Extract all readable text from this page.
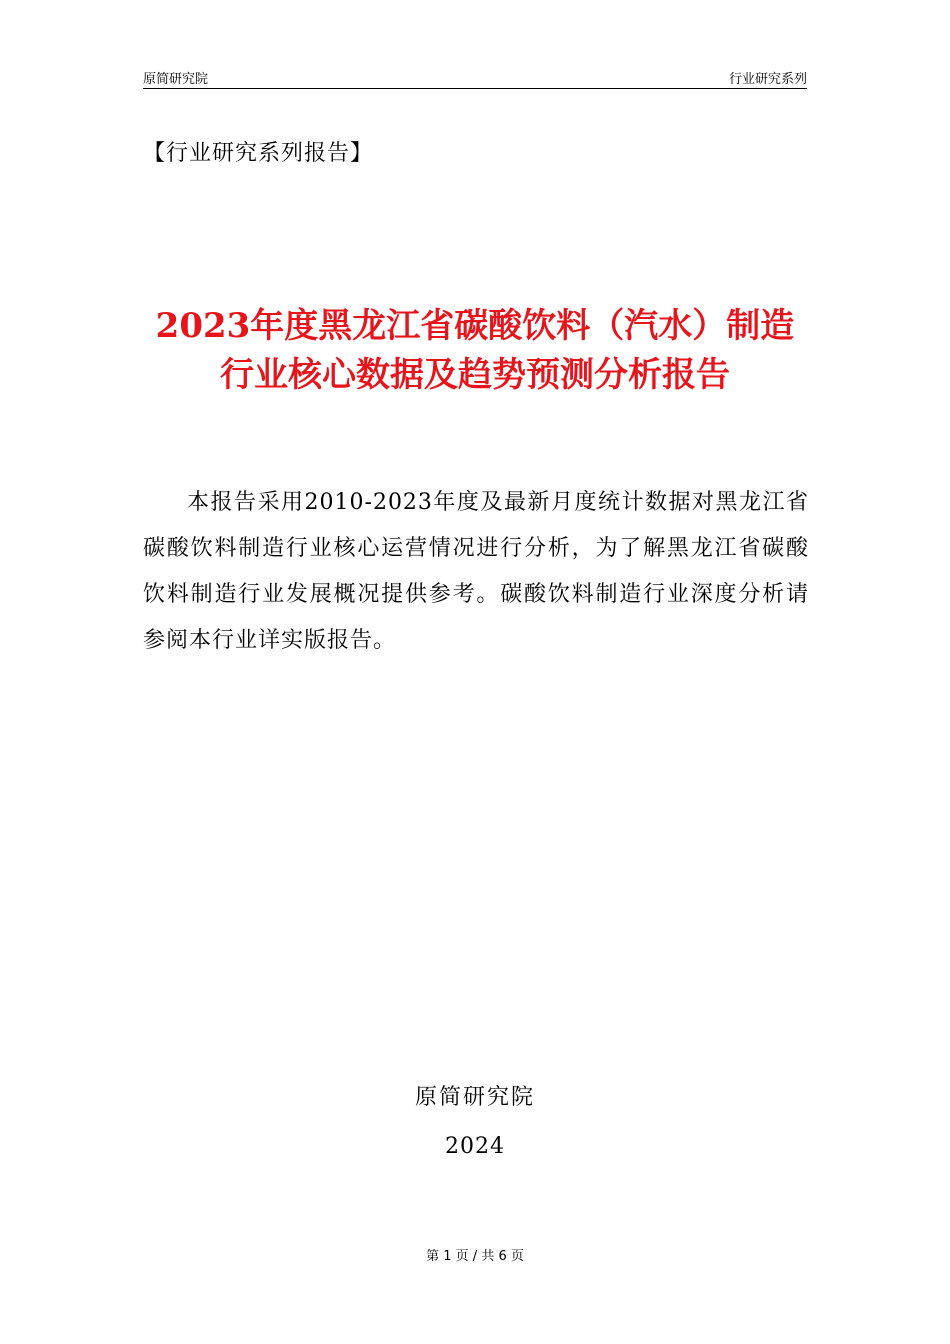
原简研究院	行业研究系列
【行业研究系列报告】
2023年度黑龙江省碳酸饮料（汽水）制造行业核心数据及趋势预测分析报告
本报告采用2010-2023年度及最新月度统计数据对黑龙江省碳酸饮料制造行业核心运营情况进行分析，为了解黑龙江省碳酸饮料制造行业发展概况提供参考。碳酸饮料制造行业深度分析请参阅本行业详实版报告。
原简研究院
2024
第 1 页 / 共 6 页
